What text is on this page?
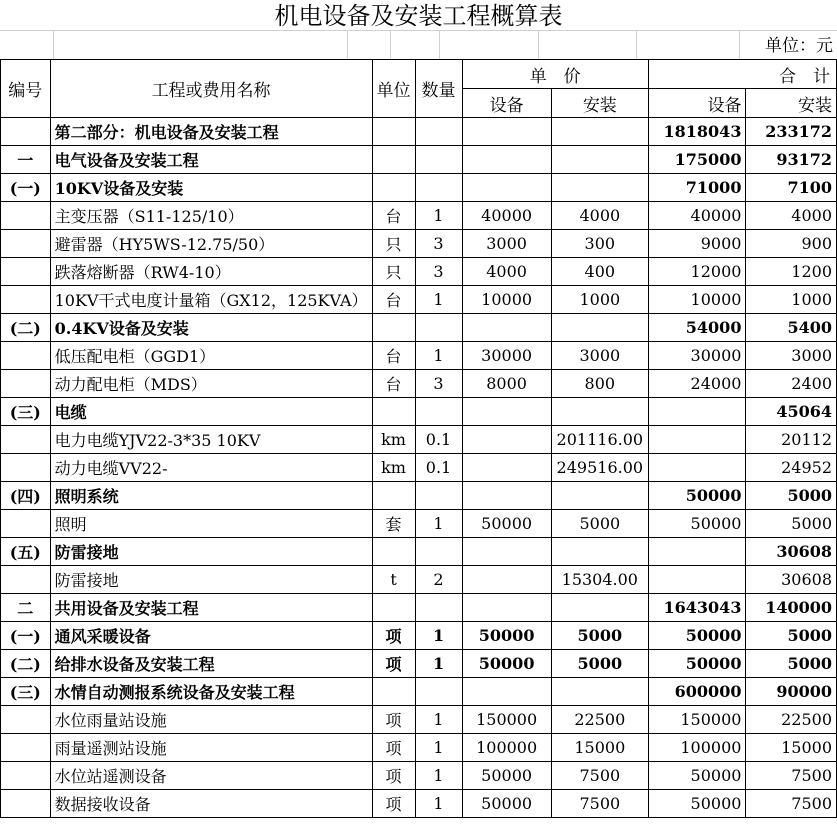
机电设备及安装工程概算表
单位：元
编号	工程或费用名称	单位	数量	单　价		合　计	
				设备	安装	设备	安装
	第二部分：机电设备及安装工程					1818043	233172
一	电气设备及安装工程					175000	93172
(一)	10KV设备及安装					71000	7100
	主变压器（S11-125/10）	台	1	40000	4000	40000	4000
	避雷器（HY5WS-12.75/50）	只	3	3000	300	9000	900
	跌落熔断器（RW4-10）	只	3	4000	400	12000	1200
	10KV干式电度计量箱（GX12，125KVA）	台	1	10000	1000	10000	1000
(二)	0.4KV设备及安装					54000	5400
	低压配电柜（GGD1）	台	1	30000	3000	30000	3000
	动力配电柜（MDS）	台	3	8000	800	24000	2400
(三)	电缆						45064
	电力电缆YJV22-3*35 10KV	km	0.1		201116.00		20112
	动力电缆VV22-	km	0.1		249516.00		24952
(四)	照明系统					50000	5000
	照明	套	1	50000	5000	50000	5000
(五)	防雷接地						30608
	防雷接地	t	2		15304.00		30608
二	共用设备及安装工程					1643043	140000
(一)	通风采暖设备	项	1	50000	5000	50000	5000
(二)	给排水设备及安装工程	项	1	50000	5000	50000	5000
(三)	水情自动测报系统设备及安装工程					600000	90000
	水位雨量站设施	项	1	150000	22500	150000	22500
	雨量遥测站设施	项	1	100000	15000	100000	15000
	水位站遥测设备	项	1	50000	7500	50000	7500
	数据接收设备	项	1	50000	7500	50000	7500
